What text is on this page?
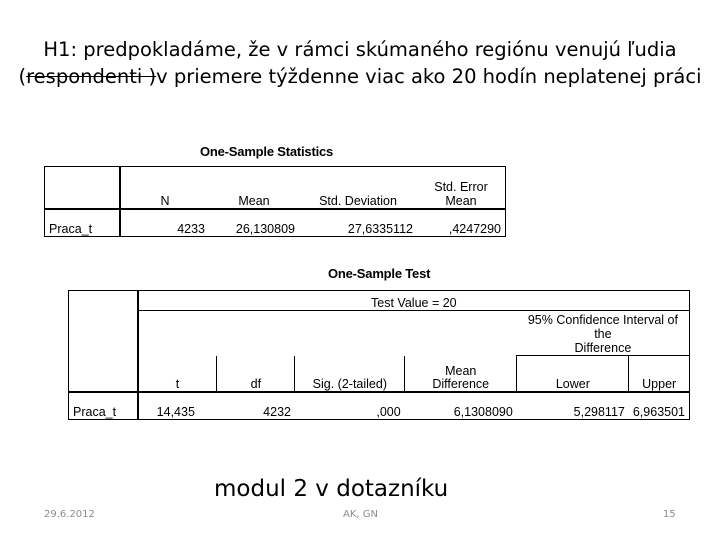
H1: predpokladáme, že v rámci skúmaného regiónu venujú ľudia
(respondenti )v priemere týždenne viac ako 20 hodín neplatenej práci
One-Sample Statistics
	N	Mean	Std. Deviation	Std. Error
Mean
Praca_t	4233	26,130809	27,6335112	,4247290
One-Sample Test
	Test Value = 20					
					95% Confidence Interval of the
Difference	
	t	df	Sig. (2-tailed)	Mean
Difference	Lower	Upper
Praca_t	14,435	4232	,000	6,1308090	5,298117	6,963501
modul 2 v dotazníku
29.6.2012	AK, GN	15
